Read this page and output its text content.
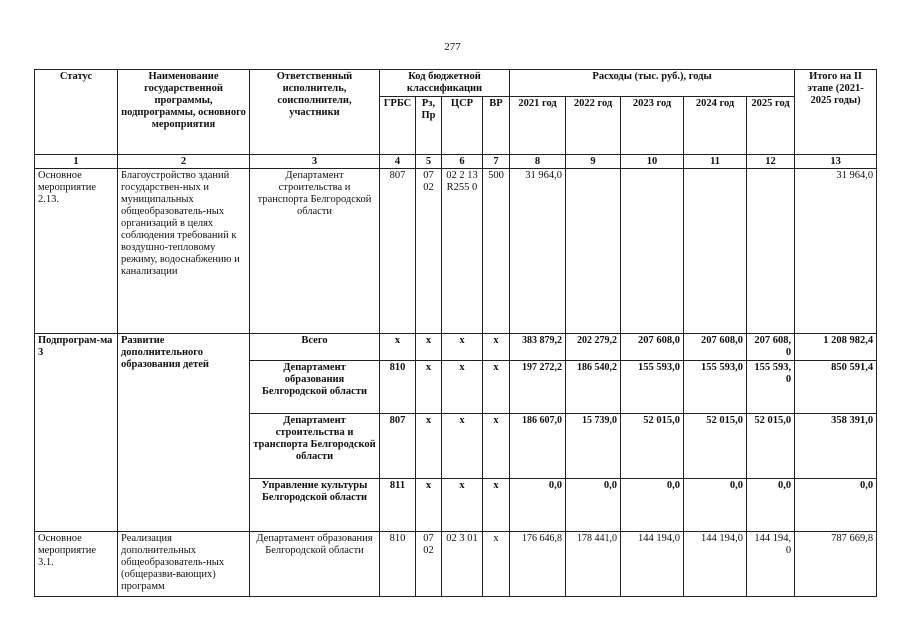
277
Статус	Наименование государственной программы, подпрограммы, основного мероприятия	Ответственный исполнитель, соисполнители, участники	Код бюджетной классификации				Расходы (тыс. руб.), годы					Итого на II этапе (2021-2025 годы)
			ГРБС	Рз, Пр	ЦСР	ВР	2021 год	2022 год	2023 год	2024 год	2025 год	
1	2	3	4	5	6	7	8	9	10	11	12	13
Основное мероприятие 2.13.	Благоустройство зданий государствен-ных и муниципальных общеобразователь-ных организаций в целях соблюдения требований к воздушно-тепловому режиму, водоснабжению и канализации	Департамент строительства и транспорта Белгородской области	807	07 02	02 2 13 R255 0	500	31 964,0					31 964,0
Подпрограм-ма 3	Развитие дополнительного образования детей	Всего	х	х	х	х	383 879,2	202 279,2	207 608,0	207 608,0	207 608, 0	1 208 982,4
		Департамент образования Белгородской области	810	х	х	х	197 272,2	186 540,2	155 593,0	155 593,0	155 593, 0	850 591,4
		Департамент строительства и транспорта Белгородской области	807	х	х	х	186 607,0	15 739,0	52 015,0	52 015,0	52 015,0	358 391,0
		Управление культуры Белгородской области	811	х	х	х	0,0	0,0	0,0	0,0	0,0	0,0
Основное мероприятие 3.1.	Реализация дополнительных общеобразователь-ных (общеразви-вающих) программ	Департамент образования Белгородской области	810	07 02	02 3 01	х	176 646,8	178 441,0	144 194,0	144 194,0	144 194, 0	787 669,8
